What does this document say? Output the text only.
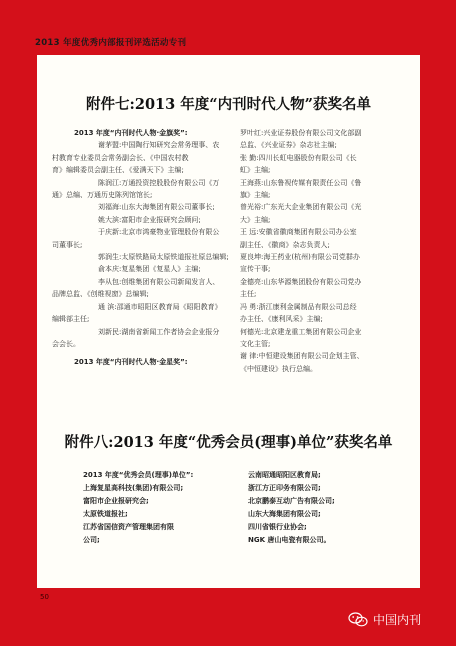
2013 年度优秀内部报刊评选活动专刊
附件七:2013 年度“内刊时代人物”获奖名单

2013 年度“内刊时代人物·金旗奖”:

谢茅盟:中国陶行知研究会常务理事、农

村教育专业委员会常务副会长、《中国农村教

育》编辑委员会副主任、《爱满天下》主编;

陈润江:万通投资控股股份有限公司《万

通》总编、万通历史陈列馆馆长;

刘福海:山东大海集团有限公司董事长;

姚大滨:富阳市企业报研究会顾问;

于庆新:北京市鸿豪物业管理股份有限公

司董事长;

郭润生:太原铁路局太原铁道报社原总编辑;

俞本庆:复星集团《复星人》主编;

李从包:创维集团有限公司新闻发言人、

品牌总监、《创维视窗》总编辑;

通 滨:邵通市昭阳区教育局《昭阳教育》

编辑部主任;

刘新民:湖南省新闻工作者协会企业报分

会会长。

2013 年度“内刊时代人物·金星奖”:

罗叶红:兴业证券股份有限公司文化部副

总监、《兴业证券》杂志社主编;

张 勤:四川长虹电器股份有限公司《长

虹》主编;

王海燕:山东鲁视传媒有限责任公司《鲁

旗》主编;

曾光裕:广东光大企业集团有限公司《光

大》主编;

王 远:安徽省徽商集团有限公司办公室

副主任、《徽商》杂志负责人;

夏良坤:海王药业(杭州)有限公司党群办

宣传干事;

金德亮:山东华源集团股份有限公司党办

主任;

冯 勇:浙江康利金属制品有限公司总经

办主任、《康利风采》主编;

何德光:北京建龙重工集团有限公司企业

文化主管;

谢 律:中恒建设集团有限公司企划主管、

《中恒建设》执行总编。

附件八:2013 年度“优秀会员(理事)单位”获奖名单

2013 年度“优秀会员(理事)单位”:

上海复星高科技(集团)有限公司;

富阳市企业报研究会;

太原铁道报社;

江苏省国信资产管理集团有限

公司;

云南昭通昭阳区教育局;

浙江方正印务有限公司;

北京鹏泰互动广告有限公司;

山东大海集团有限公司;

四川省银行业协会;

NGK 唐山电瓷有限公司。

50
中国内刊
